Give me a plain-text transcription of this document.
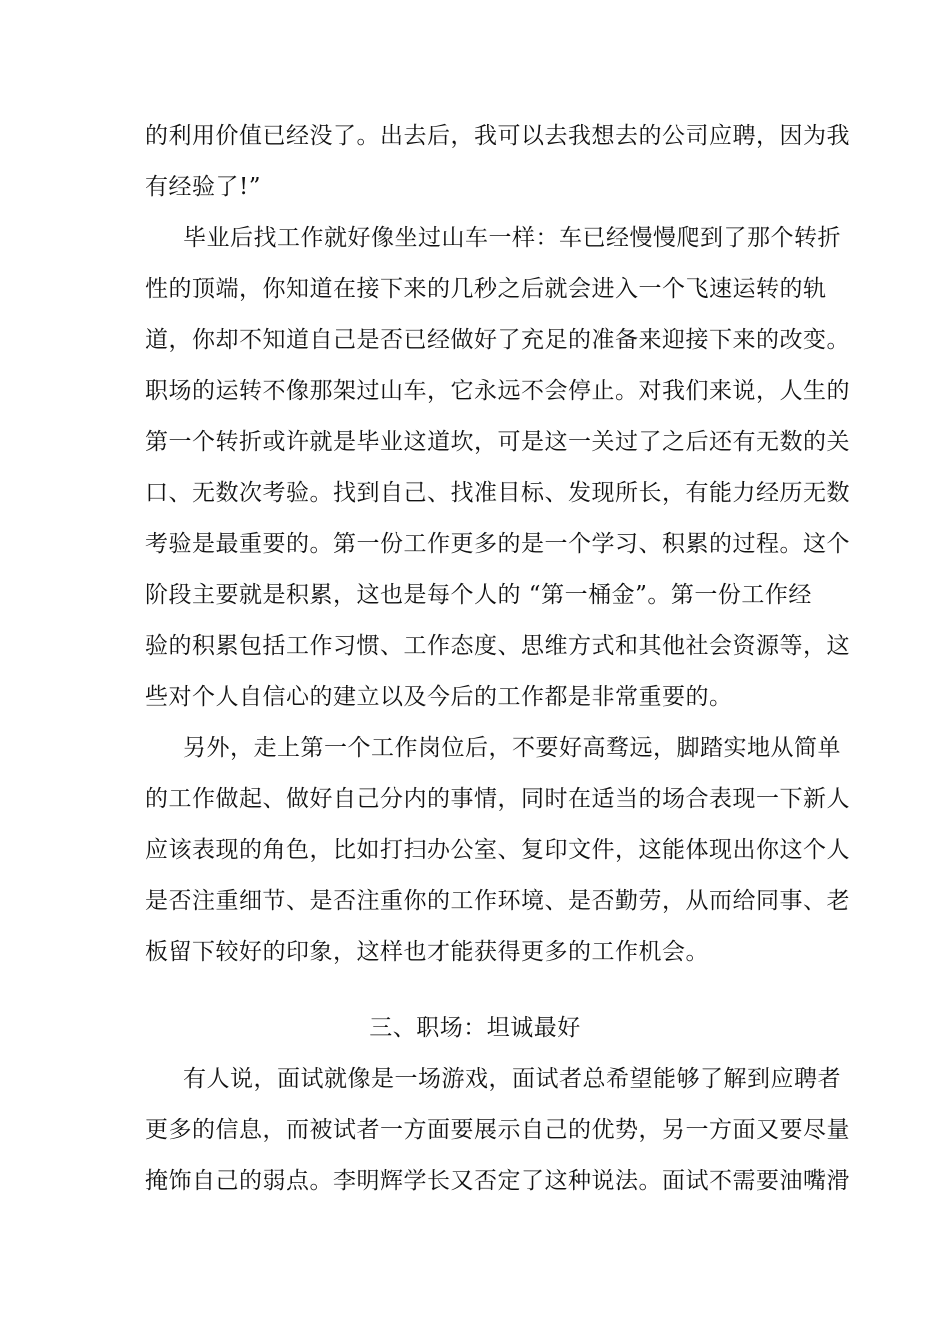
的利用价值已经没了。出去后，我可以去我想去的公司应聘，因为我
有经验了!”
毕业后找工作就好像坐过山车一样：车已经慢慢爬到了那个转折
性的顶端，你知道在接下来的几秒之后就会进入一个飞速运转的轨
道，你却不知道自己是否已经做好了充足的准备来迎接下来的改变。
职场的运转不像那架过山车，它永远不会停止。对我们来说，人生的
第一个转折或许就是毕业这道坎，可是这一关过了之后还有无数的关
口、无数次考验。找到自己、找准目标、发现所长，有能力经历无数
考验是最重要的。第一份工作更多的是一个学习、积累的过程。这个
阶段主要就是积累，这也是每个人的 “第一桶金”。第一份工作经
验的积累包括工作习惯、工作态度、思维方式和其他社会资源等，这
些对个人自信心的建立以及今后的工作都是非常重要的。
另外，走上第一个工作岗位后，不要好高骛远，脚踏实地从简单
的工作做起、做好自己分内的事情，同时在适当的场合表现一下新人
应该表现的角色，比如打扫办公室、复印文件，这能体现出你这个人
是否注重细节、是否注重你的工作环境、是否勤劳，从而给同事、老
板留下较好的印象，这样也才能获得更多的工作机会。
三、职场：坦诚最好
有人说，面试就像是一场游戏，面试者总希望能够了解到应聘者
更多的信息，而被试者一方面要展示自己的优势，另一方面又要尽量
掩饰自己的弱点。李明辉学长又否定了这种说法。面试不需要油嘴滑
